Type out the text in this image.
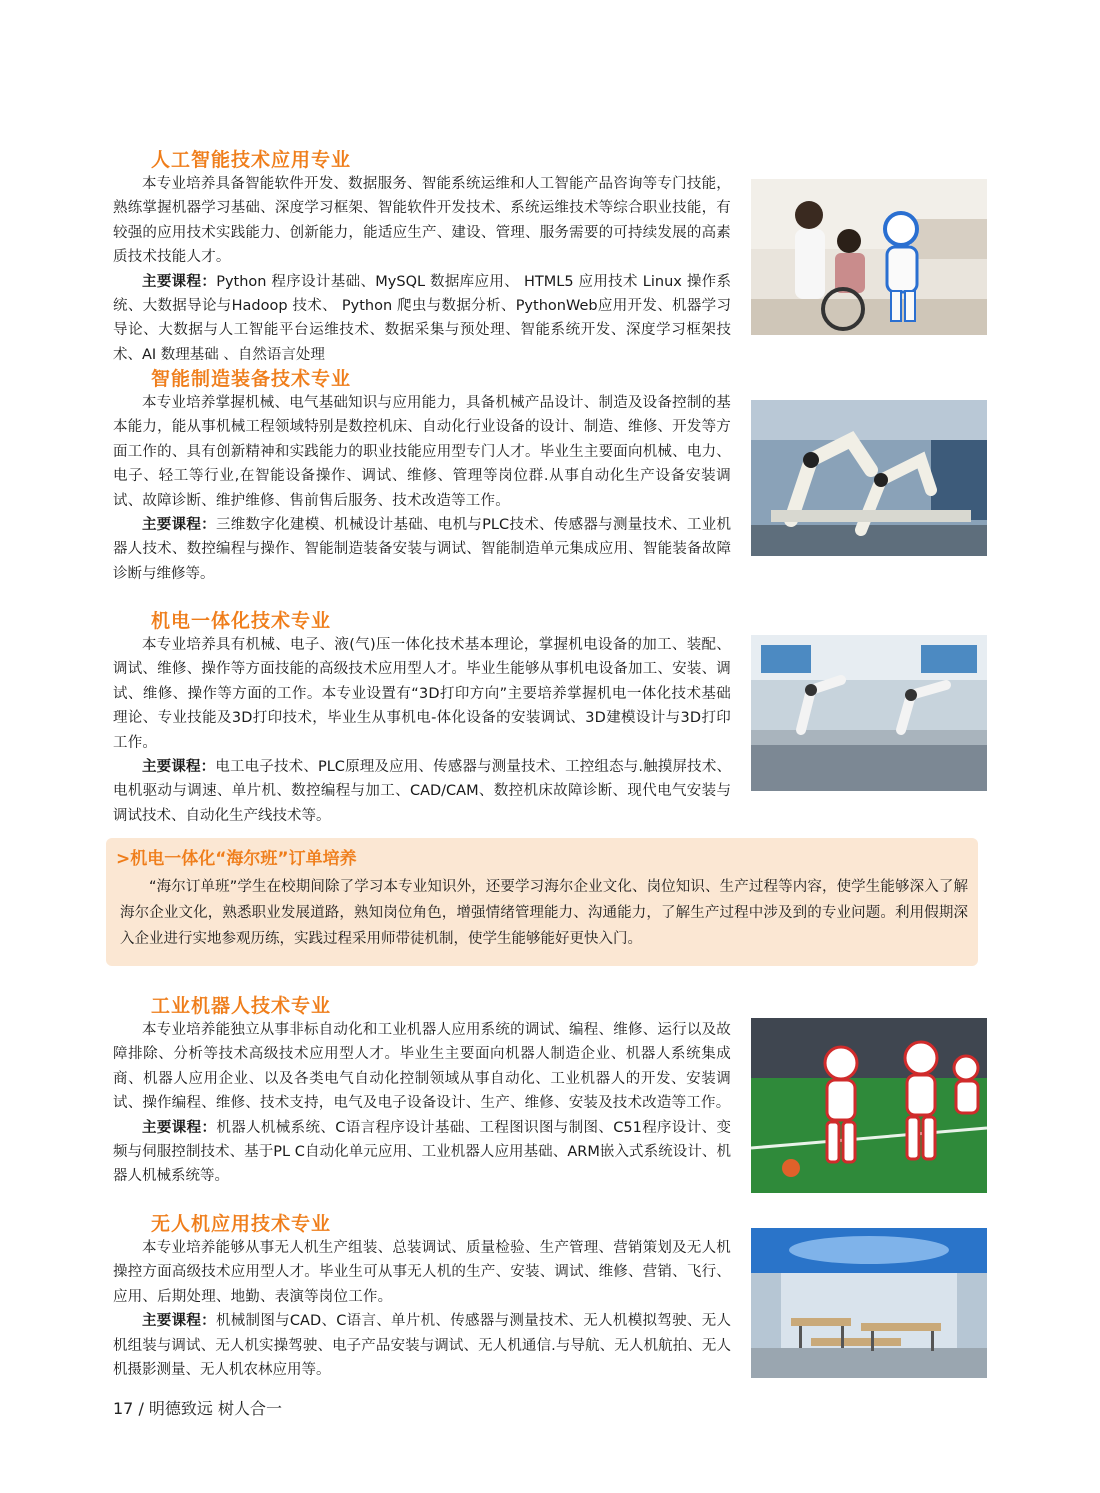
人工智能技术应用专业

本专业培养具备智能软件开发、数据服务、智能系统运维和人工智能产品咨询等专门技能，熟练掌握机器学习基础、深度学习框架、智能软件开发技术、系统运维技术等综合职业技能，有较强的应用技术实践能力、创新能力，能适应生产、建设、管理、服务需要的可持续发展的高素质技术技能人才。

主要课程：Python 程序设计基础、MySQL 数据库应用、 HTML5 应用技术 Linux 操作系统、大数据导论与Hadoop 技术、 Python 爬虫与数据分析、PythonWeb应用开发、机器学习导论、大数据与人工智能平台运维技术、数据采集与预处理、智能系统开发、深度学习框架技术、AI 数理基础 、自然语言处理

智能制造装备技术专业

本专业培养掌握机械、电气基础知识与应用能力，具备机械产品设计、制造及设备控制的基本能力，能从事机械工程领域特别是数控机床、自动化行业设备的设计、制造、维修、开发等方面工作的、具有创新精神和实践能力的职业技能应用型专门人才。毕业生主要面向机械、电力、电子、轻工等行业,在智能设备操作、调试、维修、管理等岗位群.从事自动化生产设备安装调试、故障诊断、维护维修、售前售后服务、技术改造等工作。

主要课程：三维数字化建模、机械设计基础、电机与PLC技术、传感器与测量技术、工业机器人技术、数控编程与操作、智能制造装备安装与调试、智能制造单元集成应用、智能装备故障诊断与维修等。

机电一体化技术专业

本专业培养具有机械、电子、液(气)压一体化技术基本理论，掌握机电设备的加工、装配、调试、维修、操作等方面技能的高级技术应用型人才。毕业生能够从事机电设备加工、安装、调试、维修、操作等方面的工作。本专业设置有“3D打印方向”主要培养掌握机电一体化技术基础理论、专业技能及3D打印技术，毕业生从事机电-体化设备的安装调试、3D建模设计与3D打印工作。

主要课程：电工电子技术、PLC原理及应用、传感器与测量技术、工控组态与.触摸屏技术、电机驱动与调速、单片机、数控编程与加工、CAD/CAM、数控机床故障诊断、现代电气安装与调试技术、自动化生产线技术等。

>机电一体化“海尔班”订单培养

“海尔订单班”学生在校期间除了学习本专业知识外，还要学习海尔企业文化、岗位知识、生产过程等内容，使学生能够深入了解海尔企业文化，熟悉职业发展道路，熟知岗位角色，增强情绪管理能力、沟通能力，了解生产过程中涉及到的专业问题。利用假期深入企业进行实地参观历练，实践过程采用师带徒机制，使学生能够能好更快入门。

工业机器人技术专业

本专业培养能独立从事非标自动化和工业机器人应用系统的调试、编程、维修、运行以及故障排除、分析等技术高级技术应用型人才。毕业生主要面向机器人制造企业、机器人系统集成商、机器人应用企业、以及各类电气自动化控制领域从事自动化、工业机器人的开发、安装调试、操作编程、维修、技术支持，电气及电子设备设计、生产、维修、安装及技术改造等工作。

主要课程：机器人机械系统、C语言程序设计基础、工程图识图与制图、C51程序设计、变频与伺服控制技术、基于PL C自动化单元应用、工业机器人应用基础、ARM嵌入式系统设计、机器人机械系统等。

无人机应用技术专业

本专业培养能够从事无人机生产组装、总装调试、质量检验、生产管理、营销策划及无人机操控方面高级技术应用型人才。毕业生可从事无人机的生产、安装、调试、维修、营销、飞行、应用、后期处理、地勤、表演等岗位工作。

主要课程：机械制图与CAD、C语言、单片机、传感器与测量技术、无人机模拟驾驶、无人机组装与调试、无人机实操驾驶、电子产品安装与调试、无人机通信.与导航、无人机航拍、无人机摄影测量、无人机农林应用等。

17 / 明德致远 树人合一
